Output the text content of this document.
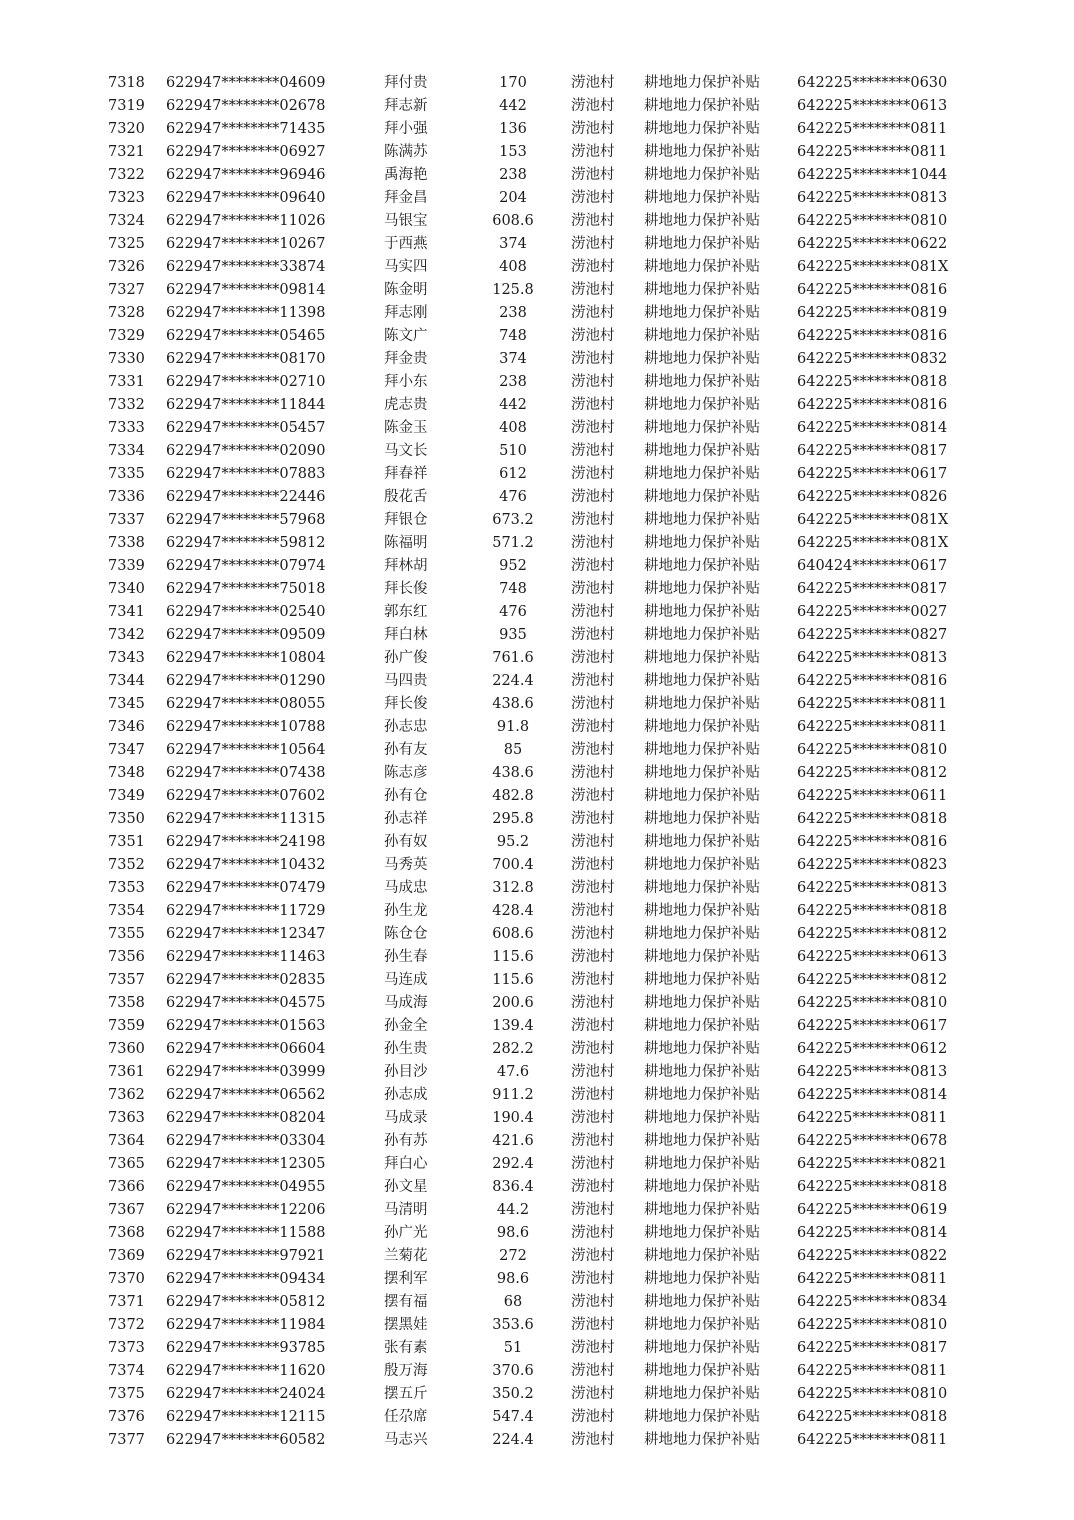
7318	622947********04609	拜付贵	170	涝池村	耕地地力保护补贴	642225********0630
7319	622947********02678	拜志新	442	涝池村	耕地地力保护补贴	642225********0613
7320	622947********71435	拜小强	136	涝池村	耕地地力保护补贴	642225********0811
7321	622947********06927	陈满苏	153	涝池村	耕地地力保护补贴	642225********0811
7322	622947********96946	禹海艳	238	涝池村	耕地地力保护补贴	642225********1044
7323	622947********09640	拜金昌	204	涝池村	耕地地力保护补贴	642225********0813
7324	622947********11026	马银宝	608.6	涝池村	耕地地力保护补贴	642225********0810
7325	622947********10267	于西燕	374	涝池村	耕地地力保护补贴	642225********0622
7326	622947********33874	马实四	408	涝池村	耕地地力保护补贴	642225********081X
7327	622947********09814	陈金明	125.8	涝池村	耕地地力保护补贴	642225********0816
7328	622947********11398	拜志刚	238	涝池村	耕地地力保护补贴	642225********0819
7329	622947********05465	陈文广	748	涝池村	耕地地力保护补贴	642225********0816
7330	622947********08170	拜金贵	374	涝池村	耕地地力保护补贴	642225********0832
7331	622947********02710	拜小东	238	涝池村	耕地地力保护补贴	642225********0818
7332	622947********11844	虎志贵	442	涝池村	耕地地力保护补贴	642225********0816
7333	622947********05457	陈金玉	408	涝池村	耕地地力保护补贴	642225********0814
7334	622947********02090	马文长	510	涝池村	耕地地力保护补贴	642225********0817
7335	622947********07883	拜春祥	612	涝池村	耕地地力保护补贴	642225********0617
7336	622947********22446	殷花舌	476	涝池村	耕地地力保护补贴	642225********0826
7337	622947********57968	拜银仓	673.2	涝池村	耕地地力保护补贴	642225********081X
7338	622947********59812	陈福明	571.2	涝池村	耕地地力保护补贴	642225********081X
7339	622947********07974	拜林胡	952	涝池村	耕地地力保护补贴	640424********0617
7340	622947********75018	拜长俊	748	涝池村	耕地地力保护补贴	642225********0817
7341	622947********02540	郭东红	476	涝池村	耕地地力保护补贴	642225********0027
7342	622947********09509	拜白林	935	涝池村	耕地地力保护补贴	642225********0827
7343	622947********10804	孙广俊	761.6	涝池村	耕地地力保护补贴	642225********0813
7344	622947********01290	马四贵	224.4	涝池村	耕地地力保护补贴	642225********0816
7345	622947********08055	拜长俊	438.6	涝池村	耕地地力保护补贴	642225********0811
7346	622947********10788	孙志忠	91.8	涝池村	耕地地力保护补贴	642225********0811
7347	622947********10564	孙有友	85	涝池村	耕地地力保护补贴	642225********0810
7348	622947********07438	陈志彦	438.6	涝池村	耕地地力保护补贴	642225********0812
7349	622947********07602	孙有仓	482.8	涝池村	耕地地力保护补贴	642225********0611
7350	622947********11315	孙志祥	295.8	涝池村	耕地地力保护补贴	642225********0818
7351	622947********24198	孙有奴	95.2	涝池村	耕地地力保护补贴	642225********0816
7352	622947********10432	马秀英	700.4	涝池村	耕地地力保护补贴	642225********0823
7353	622947********07479	马成忠	312.8	涝池村	耕地地力保护补贴	642225********0813
7354	622947********11729	孙生龙	428.4	涝池村	耕地地力保护补贴	642225********0818
7355	622947********12347	陈仓仓	608.6	涝池村	耕地地力保护补贴	642225********0812
7356	622947********11463	孙生春	115.6	涝池村	耕地地力保护补贴	642225********0613
7357	622947********02835	马连成	115.6	涝池村	耕地地力保护补贴	642225********0812
7358	622947********04575	马成海	200.6	涝池村	耕地地力保护补贴	642225********0810
7359	622947********01563	孙金全	139.4	涝池村	耕地地力保护补贴	642225********0617
7360	622947********06604	孙生贵	282.2	涝池村	耕地地力保护补贴	642225********0612
7361	622947********03999	孙目沙	47.6	涝池村	耕地地力保护补贴	642225********0813
7362	622947********06562	孙志成	911.2	涝池村	耕地地力保护补贴	642225********0814
7363	622947********08204	马成录	190.4	涝池村	耕地地力保护补贴	642225********0811
7364	622947********03304	孙有苏	421.6	涝池村	耕地地力保护补贴	642225********0678
7365	622947********12305	拜白心	292.4	涝池村	耕地地力保护补贴	642225********0821
7366	622947********04955	孙文星	836.4	涝池村	耕地地力保护补贴	642225********0818
7367	622947********12206	马清明	44.2	涝池村	耕地地力保护补贴	642225********0619
7368	622947********11588	孙广光	98.6	涝池村	耕地地力保护补贴	642225********0814
7369	622947********97921	兰菊花	272	涝池村	耕地地力保护补贴	642225********0822
7370	622947********09434	摆利军	98.6	涝池村	耕地地力保护补贴	642225********0811
7371	622947********05812	摆有福	68	涝池村	耕地地力保护补贴	642225********0834
7372	622947********11984	摆黑娃	353.6	涝池村	耕地地力保护补贴	642225********0810
7373	622947********93785	张有素	51	涝池村	耕地地力保护补贴	642225********0817
7374	622947********11620	殷万海	370.6	涝池村	耕地地力保护补贴	642225********0811
7375	622947********24024	摆五斤	350.2	涝池村	耕地地力保护补贴	642225********0810
7376	622947********12115	任尕席	547.4	涝池村	耕地地力保护补贴	642225********0818
7377	622947********60582	马志兴	224.4	涝池村	耕地地力保护补贴	642225********0811
